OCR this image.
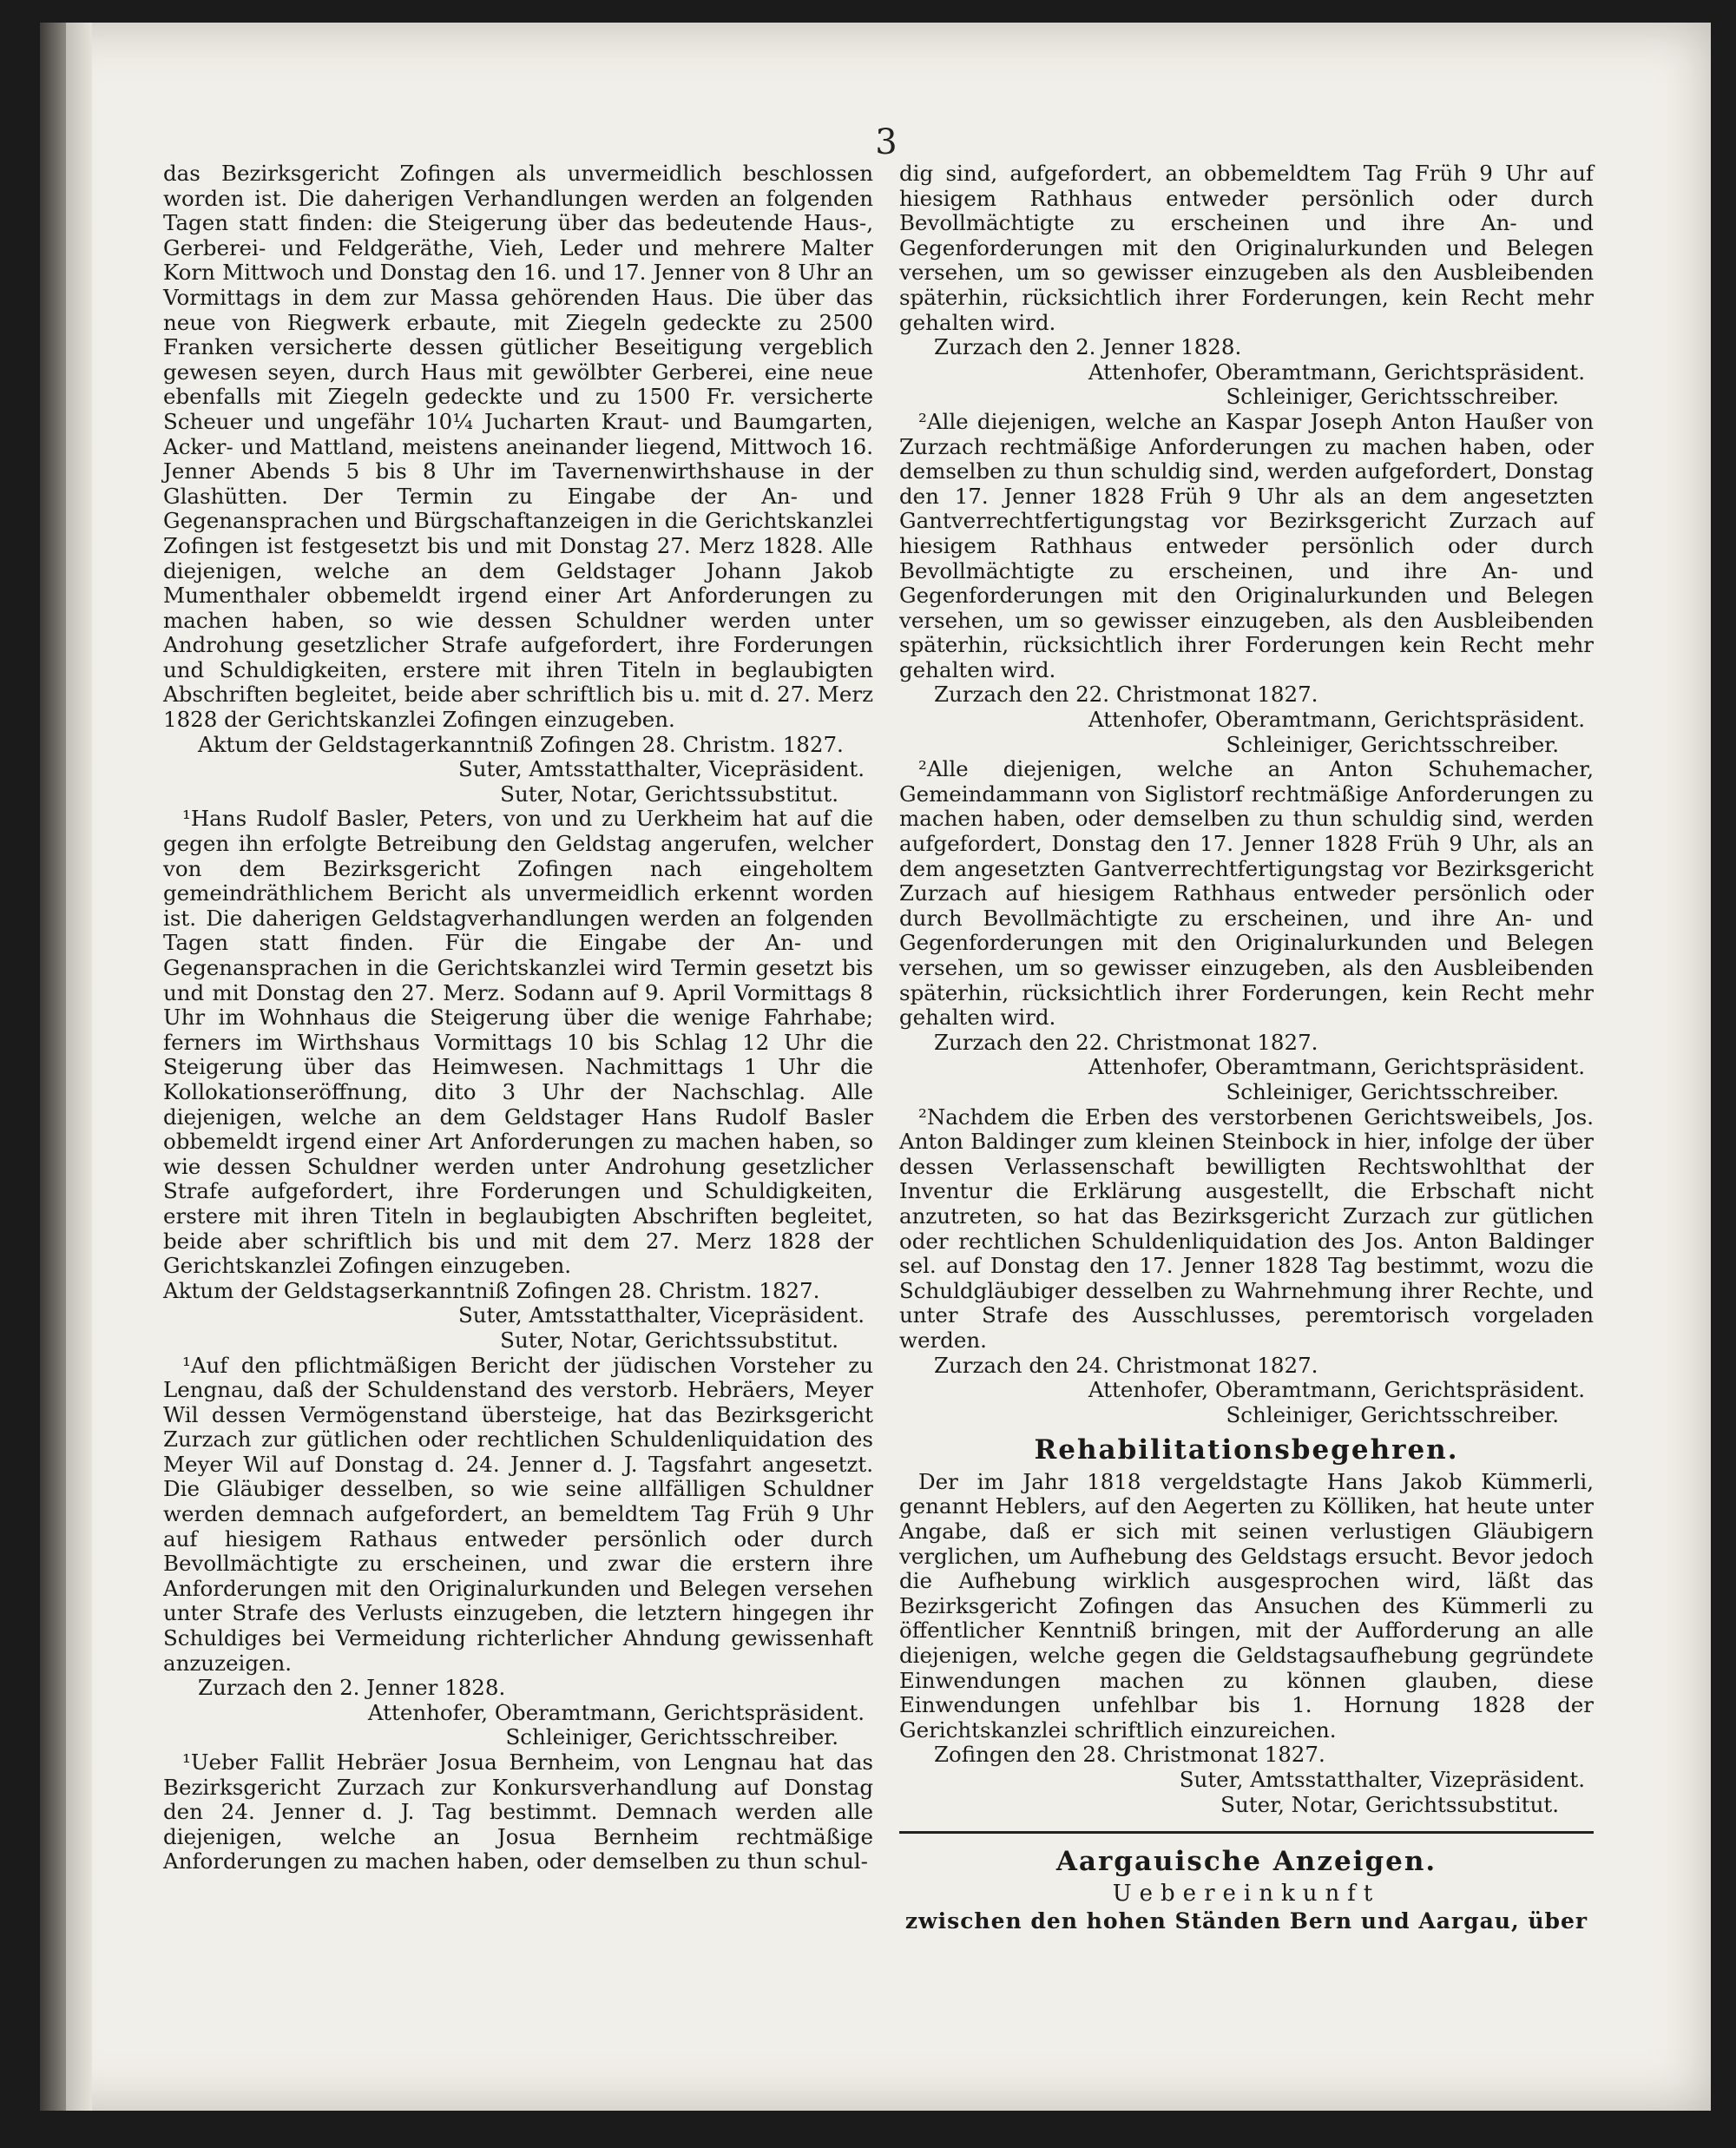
3

das Bezirksgericht Zofingen als unvermeidlich beschlossen worden ist. Die daherigen Verhandlungen werden an folgenden Tagen statt finden: die Steigerung über das bedeutende Haus-, Gerberei- und Feldgeräthe, Vieh, Leder und mehrere Malter Korn Mittwoch und Donstag den 16. und 17. Jenner von 8 Uhr an Vormittags in dem zur Massa gehörenden Haus. Die über das neue von Riegwerk erbaute, mit Ziegeln gedeckte zu 2500 Franken versicherte dessen gütlicher Beseitigung vergeblich gewesen seyen, durch Haus mit gewölbter Gerberei, eine neue ebenfalls mit Ziegeln gedeckte und zu 1500 Fr. versicherte Scheuer und ungefähr 10¼ Jucharten Kraut- und Baumgarten, Acker- und Mattland, meistens aneinander liegend, Mittwoch 16. Jenner Abends 5 bis 8 Uhr im Tavernenwirthshause in der Glashütten. Der Termin zu Eingabe der An- und Gegenansprachen und Bürgschaftanzeigen in die Gerichtskanzlei Zofingen ist festgesetzt bis und mit Donstag 27. Merz 1828. Alle diejenigen, welche an dem Geldstager Johann Jakob Mumenthaler obbemeldt irgend einer Art Anforderungen zu machen haben, so wie dessen Schuldner werden unter Androhung gesetzlicher Strafe aufgefordert, ihre Forderungen und Schuldigkeiten, erstere mit ihren Titeln in beglaubigten Abschriften begleitet, beide aber schriftlich bis u. mit d. 27. Merz 1828 der Gerichtskanzlei Zofingen einzugeben.

Aktum der Geldstagerkanntniß Zofingen 28. Christm. 1827.

Suter, Amtsstatthalter, Vicepräsident.

Suter, Notar, Gerichtssubstitut.

¹Hans Rudolf Basler, Peters, von und zu Uerkheim hat auf die gegen ihn erfolgte Betreibung den Geldstag angerufen, welcher von dem Bezirksgericht Zofingen nach eingeholtem gemeindräthlichem Bericht als unvermeidlich erkennt worden ist. Die daherigen Geldstagverhandlungen werden an folgenden Tagen statt finden. Für die Eingabe der An- und Gegenansprachen in die Gerichtskanzlei wird Termin gesetzt bis und mit Donstag den 27. Merz. Sodann auf 9. April Vormittags 8 Uhr im Wohnhaus die Steigerung über die wenige Fahrhabe; ferners im Wirthshaus Vormittags 10 bis Schlag 12 Uhr die Steigerung über das Heimwesen. Nachmittags 1 Uhr die Kollokationseröffnung, dito 3 Uhr der Nachschlag. Alle diejenigen, welche an dem Geldstager Hans Rudolf Basler obbemeldt irgend einer Art Anforderungen zu machen haben, so wie dessen Schuldner werden unter Androhung gesetzlicher Strafe aufgefordert, ihre Forderungen und Schuldigkeiten, erstere mit ihren Titeln in beglaubigten Abschriften begleitet, beide aber schriftlich bis und mit dem 27. Merz 1828 der Gerichtskanzlei Zofingen einzugeben.

Aktum der Geldstagserkanntniß Zofingen 28. Christm. 1827.

Suter, Amtsstatthalter, Vicepräsident.

Suter, Notar, Gerichtssubstitut.

¹Auf den pflichtmäßigen Bericht der jüdischen Vorsteher zu Lengnau, daß der Schuldenstand des verstorb. Hebräers, Meyer Wil dessen Vermögenstand übersteige, hat das Bezirksgericht Zurzach zur gütlichen oder rechtlichen Schuldenliquidation des Meyer Wil auf Donstag d. 24. Jenner d. J. Tagsfahrt angesetzt. Die Gläubiger desselben, so wie seine allfälligen Schuldner werden demnach aufgefordert, an bemeldtem Tag Früh 9 Uhr auf hiesigem Rathaus entweder persönlich oder durch Bevollmächtigte zu erscheinen, und zwar die erstern ihre Anforderungen mit den Originalurkunden und Belegen versehen unter Strafe des Verlusts einzugeben, die letztern hingegen ihr Schuldiges bei Vermeidung richterlicher Ahndung gewissenhaft anzuzeigen.

Zurzach den 2. Jenner 1828.

Attenhofer, Oberamtmann, Gerichtspräsident.

Schleiniger, Gerichtsschreiber.

¹Ueber Fallit Hebräer Josua Bernheim, von Lengnau hat das Bezirksgericht Zurzach zur Konkursverhandlung auf Donstag den 24. Jenner d. J. Tag bestimmt. Demnach werden alle diejenigen, welche an Josua Bernheim rechtmäßige Anforderungen zu machen haben, oder demselben zu thun schul-

dig sind, aufgefordert, an obbemeldtem Tag Früh 9 Uhr auf hiesigem Rathhaus entweder persönlich oder durch Bevollmächtigte zu erscheinen und ihre An- und Gegenforderungen mit den Originalurkunden und Belegen versehen, um so gewisser einzugeben als den Ausbleibenden späterhin, rücksichtlich ihrer Forderungen, kein Recht mehr gehalten wird.

Zurzach den 2. Jenner 1828.

Attenhofer, Oberamtmann, Gerichtspräsident.

Schleiniger, Gerichtsschreiber.

²Alle diejenigen, welche an Kaspar Joseph Anton Haußer von Zurzach rechtmäßige Anforderungen zu machen haben, oder demselben zu thun schuldig sind, werden aufgefordert, Donstag den 17. Jenner 1828 Früh 9 Uhr als an dem angesetzten Gantverrechtfertigungstag vor Bezirksgericht Zurzach auf hiesigem Rathhaus entweder persönlich oder durch Bevollmächtigte zu erscheinen, und ihre An- und Gegenforderungen mit den Originalurkunden und Belegen versehen, um so gewisser einzugeben, als den Ausbleibenden späterhin, rücksichtlich ihrer Forderungen kein Recht mehr gehalten wird.

Zurzach den 22. Christmonat 1827.

Attenhofer, Oberamtmann, Gerichtspräsident.

Schleiniger, Gerichtsschreiber.

²Alle diejenigen, welche an Anton Schuhemacher, Gemeindammann von Siglistorf rechtmäßige Anforderungen zu machen haben, oder demselben zu thun schuldig sind, werden aufgefordert, Donstag den 17. Jenner 1828 Früh 9 Uhr, als an dem angesetzten Gantverrechtfertigungstag vor Bezirksgericht Zurzach auf hiesigem Rathhaus entweder persönlich oder durch Bevollmächtigte zu erscheinen, und ihre An- und Gegenforderungen mit den Originalurkunden und Belegen versehen, um so gewisser einzugeben, als den Ausbleibenden späterhin, rücksichtlich ihrer Forderungen, kein Recht mehr gehalten wird.

Zurzach den 22. Christmonat 1827.

Attenhofer, Oberamtmann, Gerichtspräsident.

Schleiniger, Gerichtsschreiber.

²Nachdem die Erben des verstorbenen Gerichtsweibels, Jos. Anton Baldinger zum kleinen Steinbock in hier, infolge der über dessen Verlassenschaft bewilligten Rechtswohlthat der Inventur die Erklärung ausgestellt, die Erbschaft nicht anzutreten, so hat das Bezirksgericht Zurzach zur gütlichen oder rechtlichen Schuldenliquidation des Jos. Anton Baldinger sel. auf Donstag den 17. Jenner 1828 Tag bestimmt, wozu die Schuldgläubiger desselben zu Wahrnehmung ihrer Rechte, und unter Strafe des Ausschlusses, peremtorisch vorgeladen werden.

Zurzach den 24. Christmonat 1827.

Attenhofer, Oberamtmann, Gerichtspräsident.

Schleiniger, Gerichtsschreiber.

Rehabilitationsbegehren.

Der im Jahr 1818 vergeldstagte Hans Jakob Kümmerli, genannt Heblers, auf den Aegerten zu Kölliken, hat heute unter Angabe, daß er sich mit seinen verlustigen Gläubigern verglichen, um Aufhebung des Geldstags ersucht. Bevor jedoch die Aufhebung wirklich ausgesprochen wird, läßt das Bezirksgericht Zofingen das Ansuchen des Kümmerli zu öffentlicher Kenntniß bringen, mit der Aufforderung an alle diejenigen, welche gegen die Geldstagsaufhebung gegründete Einwendungen machen zu können glauben, diese Einwendungen unfehlbar bis 1. Hornung 1828 der Gerichtskanzlei schriftlich einzureichen.

Zofingen den 28. Christmonat 1827.

Suter, Amtsstatthalter, Vizepräsident.

Suter, Notar, Gerichtssubstitut.

Aargauische Anzeigen.
Uebereinkunft

zwischen den hohen Ständen Bern und Aargau, über
